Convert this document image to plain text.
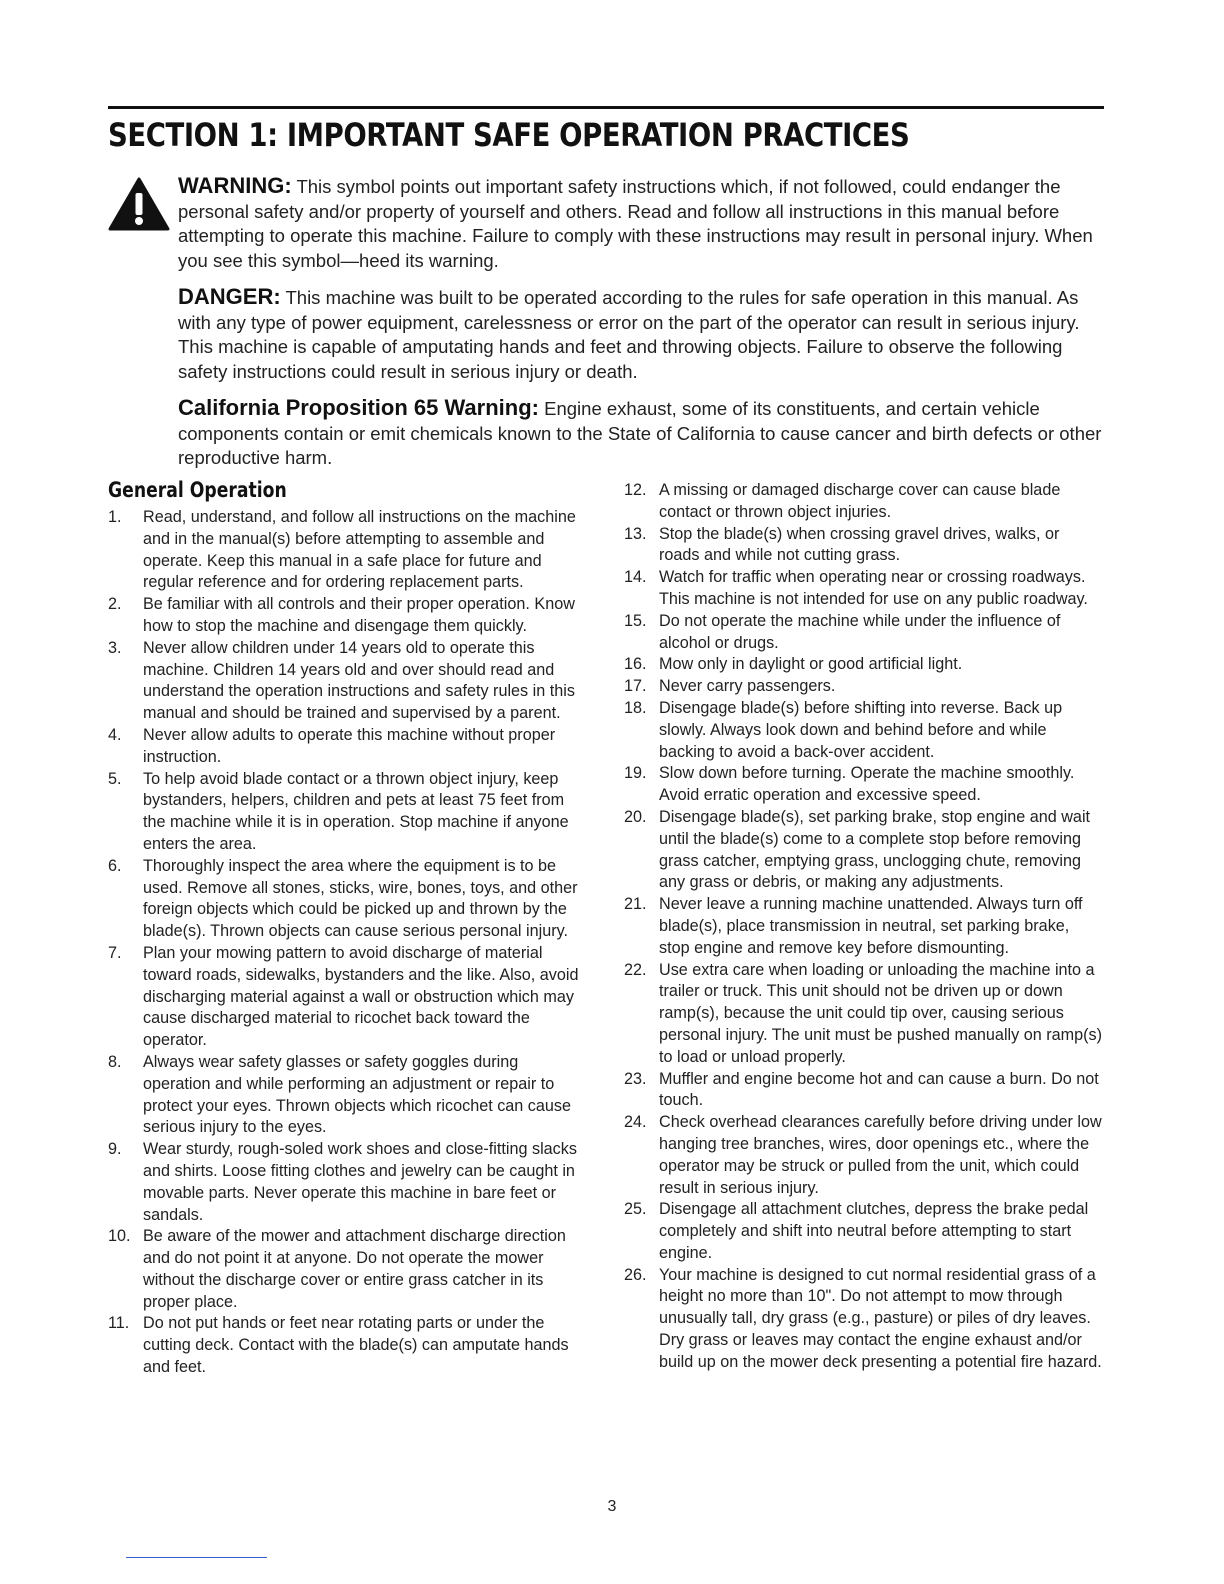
SECTION 1: IMPORTANT SAFE OPERATION PRACTICES

WARNING: This symbol points out important safety instructions which, if not followed, could endanger the personal safety and/or property of yourself and others. Read and follow all instructions in this manual before attempting to operate this machine. Failure to comply with these instructions may result in personal injury. When you see this symbol—heed its warning.

DANGER: This machine was built to be operated according to the rules for safe operation in this manual. As with any type of power equipment, carelessness or error on the part of the operator can result in serious injury. This machine is capable of amputating hands and feet and throwing objects. Failure to observe the following safety instructions could result in serious injury or death.

California Proposition 65 Warning: Engine exhaust, some of its constituents, and certain vehicle components contain or emit chemicals known to the State of California to cause cancer and birth defects or other reproductive harm.

General Operation
1. Read, understand, and follow all instructions on the machine and in the manual(s) before attempting to assemble and operate. Keep this manual in a safe place for future and regular reference and for ordering replacement parts.
2. Be familiar with all controls and their proper operation. Know how to stop the machine and disengage them quickly.
3. Never allow children under 14 years old to operate this machine. Children 14 years old and over should read and understand the operation instructions and safety rules in this manual and should be trained and supervised by a parent.
4. Never allow adults to operate this machine without proper instruction.
5. To help avoid blade contact or a thrown object injury, keep bystanders, helpers, children and pets at least 75 feet from the machine while it is in operation. Stop machine if anyone enters the area.
6. Thoroughly inspect the area where the equipment is to be used. Remove all stones, sticks, wire, bones, toys, and other foreign objects which could be picked up and thrown by the blade(s). Thrown objects can cause serious personal injury.
7. Plan your mowing pattern to avoid discharge of material toward roads, sidewalks, bystanders and the like. Also, avoid discharging material against a wall or obstruction which may cause discharged material to ricochet back toward the operator.
8. Always wear safety glasses or safety goggles during operation and while performing an adjustment or repair to protect your eyes. Thrown objects which ricochet can cause serious injury to the eyes.
9. Wear sturdy, rough-soled work shoes and close-fitting slacks and shirts. Loose fitting clothes and jewelry can be caught in movable parts. Never operate this machine in bare feet or sandals.
10. Be aware of the mower and attachment discharge direction and do not point it at anyone. Do not operate the mower without the discharge cover or entire grass catcher in its proper place.
11. Do not put hands or feet near rotating parts or under the cutting deck. Contact with the blade(s) can amputate hands and feet.
12. A missing or damaged discharge cover can cause blade contact or thrown object injuries.
13. Stop the blade(s) when crossing gravel drives, walks, or roads and while not cutting grass.
14. Watch for traffic when operating near or crossing roadways. This machine is not intended for use on any public roadway.
15. Do not operate the machine while under the influence of alcohol or drugs.
16. Mow only in daylight or good artificial light.
17. Never carry passengers.
18. Disengage blade(s) before shifting into reverse. Back up slowly. Always look down and behind before and while backing to avoid a back-over accident.
19. Slow down before turning. Operate the machine smoothly. Avoid erratic operation and excessive speed.
20. Disengage blade(s), set parking brake, stop engine and wait until the blade(s) come to a complete stop before removing grass catcher, emptying grass, unclogging chute, removing any grass or debris, or making any adjustments.
21. Never leave a running machine unattended. Always turn off blade(s), place transmission in neutral, set parking brake, stop engine and remove key before dismounting.
22. Use extra care when loading or unloading the machine into a trailer or truck. This unit should not be driven up or down ramp(s), because the unit could tip over, causing serious personal injury. The unit must be pushed manually on ramp(s) to load or unload properly.
23. Muffler and engine become hot and can cause a burn. Do not touch.
24. Check overhead clearances carefully before driving under low hanging tree branches, wires, door openings etc., where the operator may be struck or pulled from the unit, which could result in serious injury.
25. Disengage all attachment clutches, depress the brake pedal completely and shift into neutral before attempting to start engine.
26. Your machine is designed to cut normal residential grass of a height no more than 10". Do not attempt to mow through unusually tall, dry grass (e.g., pasture) or piles of dry leaves. Dry grass or leaves may contact the engine exhaust and/or build up on the mower deck presenting a potential fire hazard.
3
